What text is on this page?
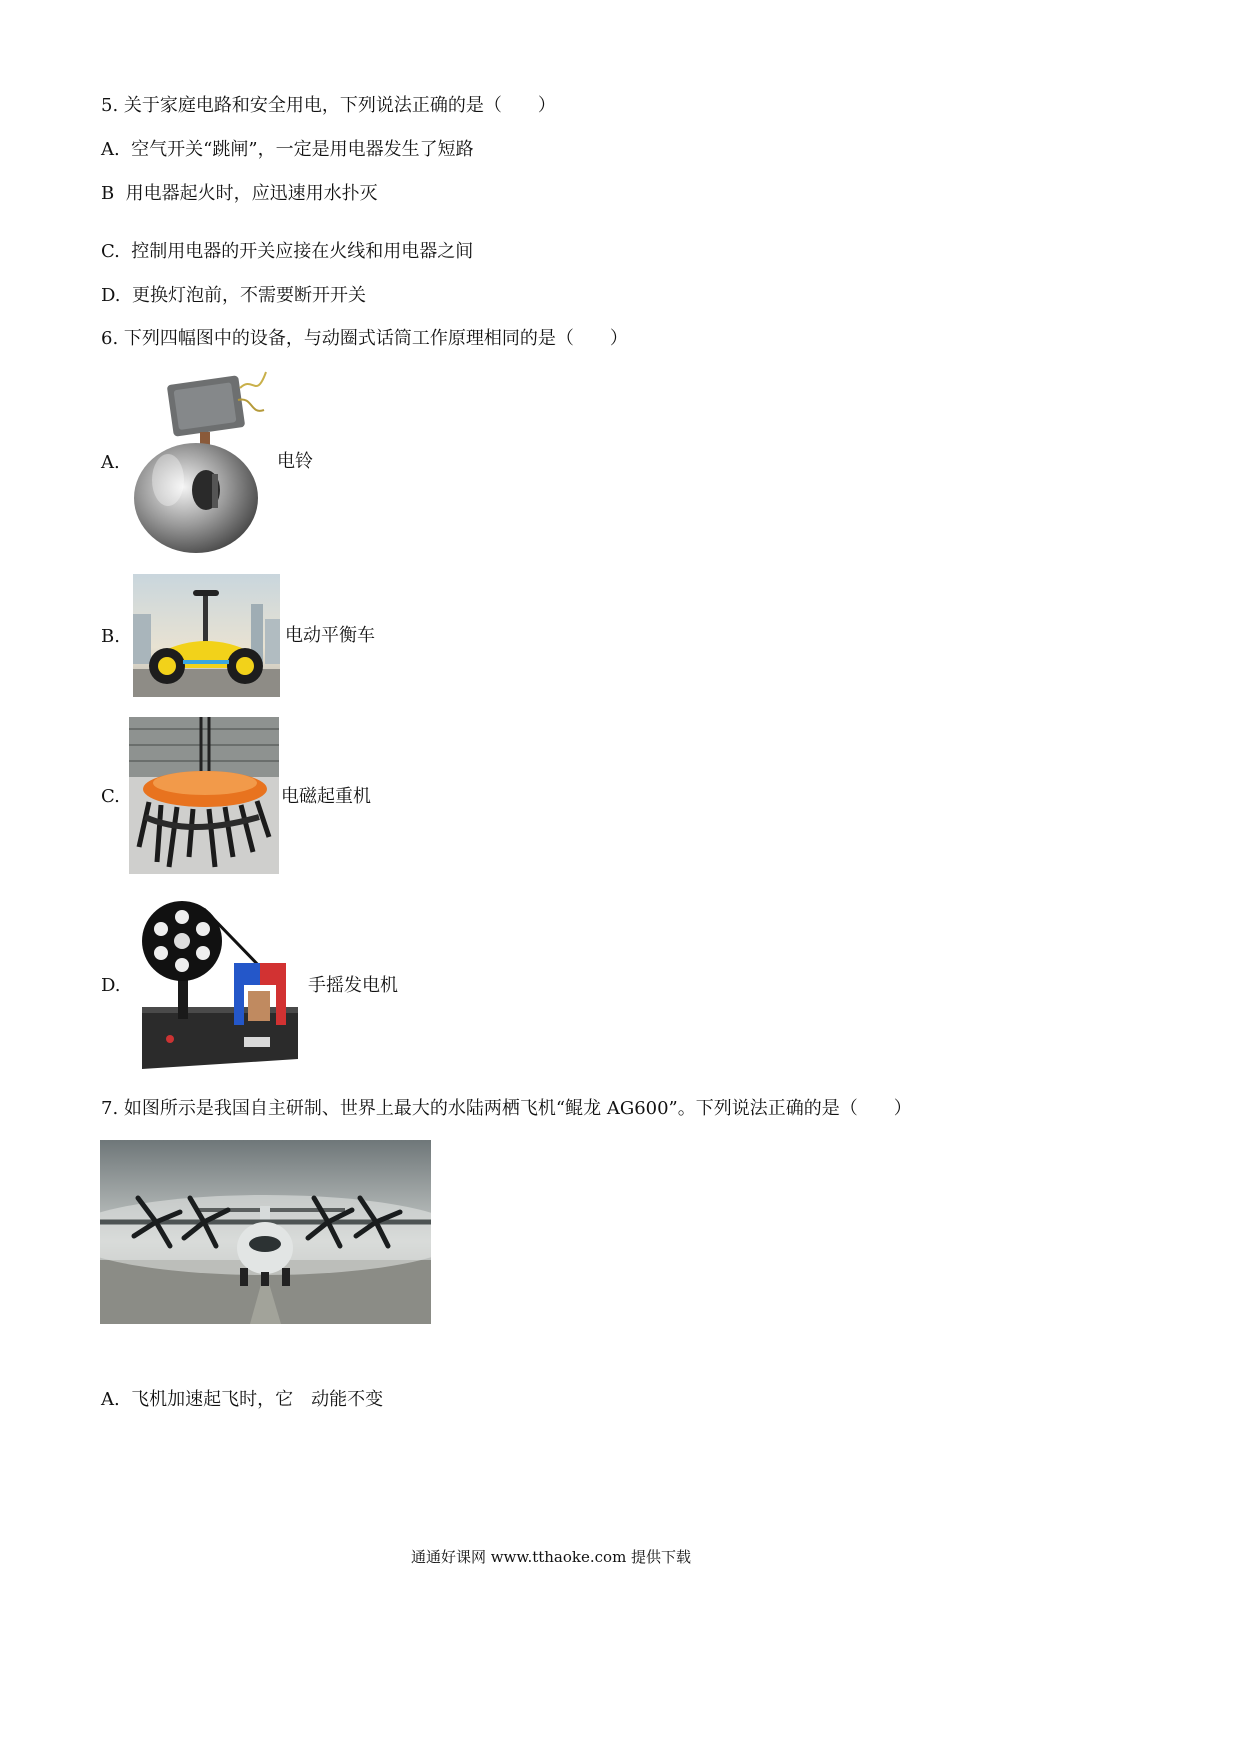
5. 关于家庭电路和安全用电，下列说法正确的是（　　）
A.  空气开关“跳闸”，一定是用电器发生了短路
B  用电器起火时，应迅速用水扑灭
C.  控制用电器的开关应接在火线和用电器之间
D.  更换灯泡前，不需要断开开关
6. 下列四幅图中的设备，与动圈式话筒工作原理相同的是（　　）
A.	电铃
B.	电动平衡车
C.	电磁起重机
D.	手摇发电机
7. 如图所示是我国自主研制、世界上最大的水陆两栖飞机“鲲龙 AG600”。下列说法正确的是（　　）
A.  飞机加速起飞时，它　动能不变
通通好课网 www.tthaoke.com 提供下载
